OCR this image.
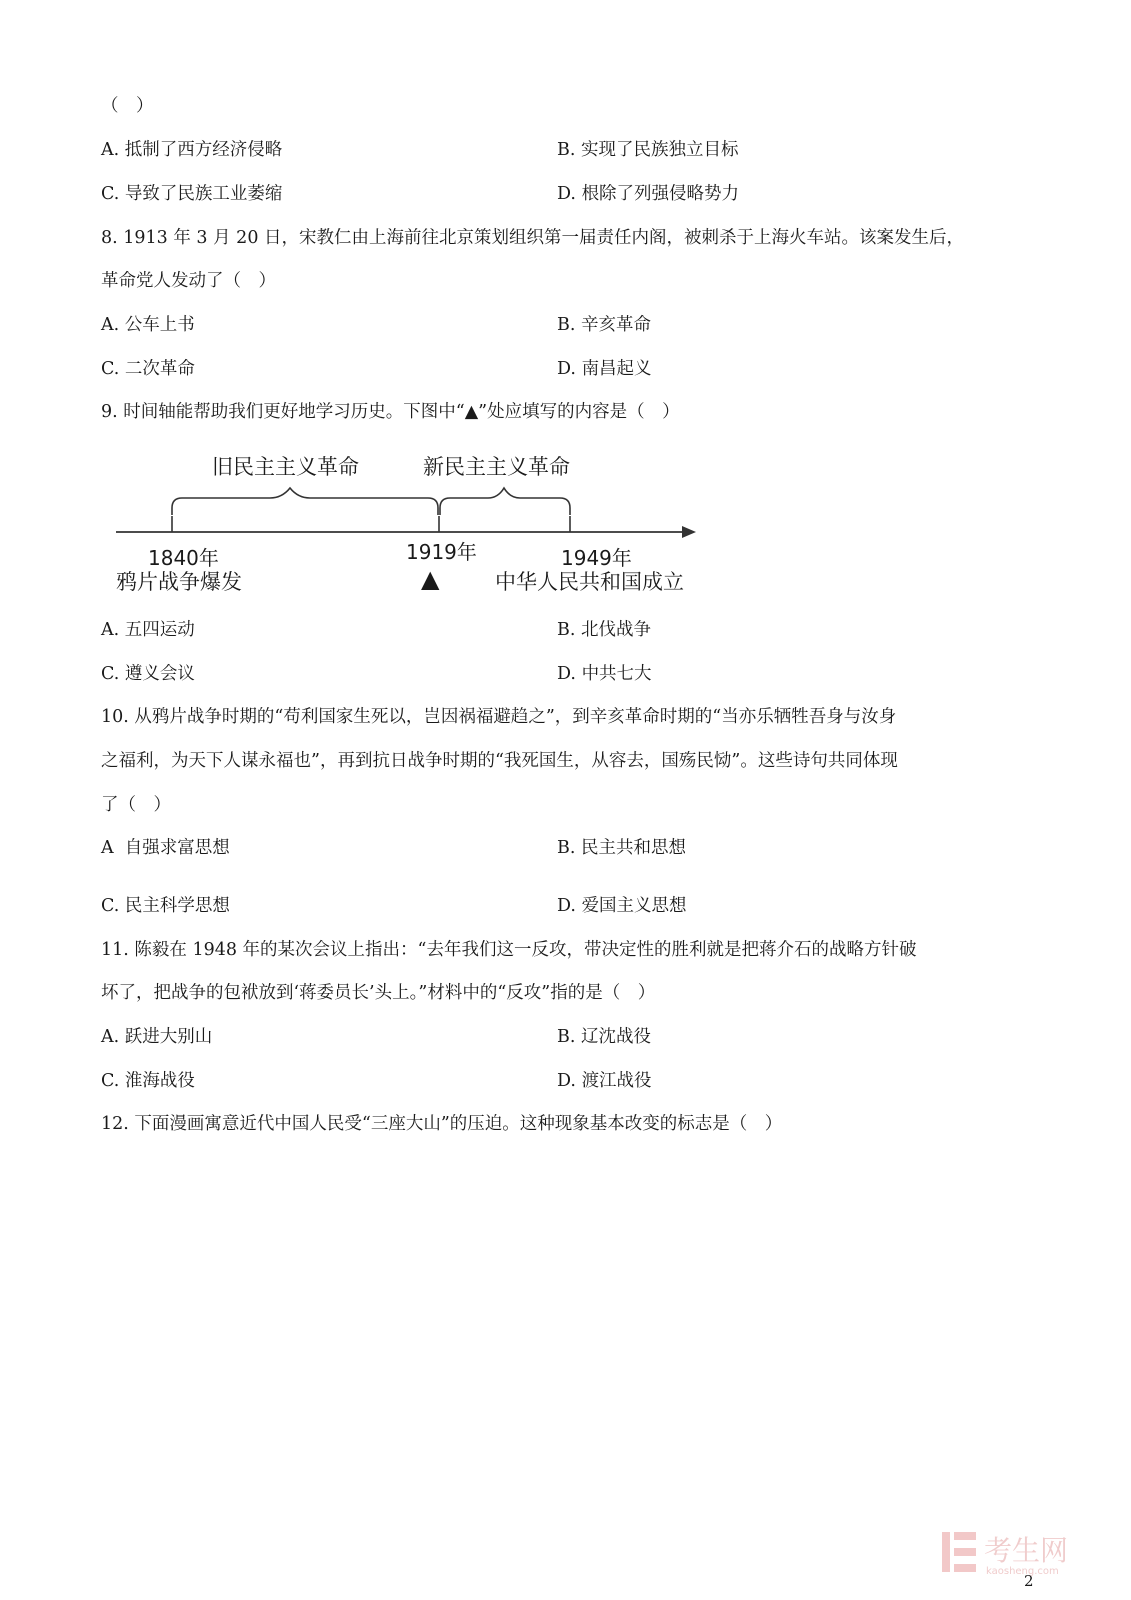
（　）
A. 抵制了西方经济侵略	B. 实现了民族独立目标
C. 导致了民族工业萎缩	D. 根除了列强侵略势力
8. 1913 年 3 月 20 日，宋教仁由上海前往北京策划组织第一届责任内阁，被刺杀于上海火车站。该案发生后，
革命党人发动了（　）
A. 公车上书	B. 辛亥革命
C. 二次革命	D. 南昌起义
9. 时间轴能帮助我们更好地学习历史。下图中“▲”处应填写的内容是（　）
旧民主主义革命	新民主主义革命
1840年
鸦片战争爆发
1919年
▲
1949年
中华人民共和国成立
A. 五四运动	B. 北伐战争
C. 遵义会议	D. 中共七大
10. 从鸦片战争时期的“苟利国家生死以，岂因祸福避趋之”，到辛亥革命时期的“当亦乐牺牲吾身与汝身
之福利，为天下人谋永福也”，再到抗日战争时期的“我死国生，从容去，国殇民恸”。这些诗句共同体现
了（　）
A 自强求富思想	B. 民主共和思想
C. 民主科学思想	D. 爱国主义思想
11. 陈毅在 1948 年的某次会议上指出：“去年我们这一反攻，带决定性的胜利就是把蒋介石的战略方针破
坏了，把战争的包袱放到‘蒋委员长’头上。”材料中的“反攻”指的是（　）
A. 跃进大别山	B. 辽沈战役
C. 淮海战役	D. 渡江战役
12. 下面漫画寓意近代中国人民受“三座大山”的压迫。这种现象基本改变的标志是（　）
考生网
kaosheng.com
2
